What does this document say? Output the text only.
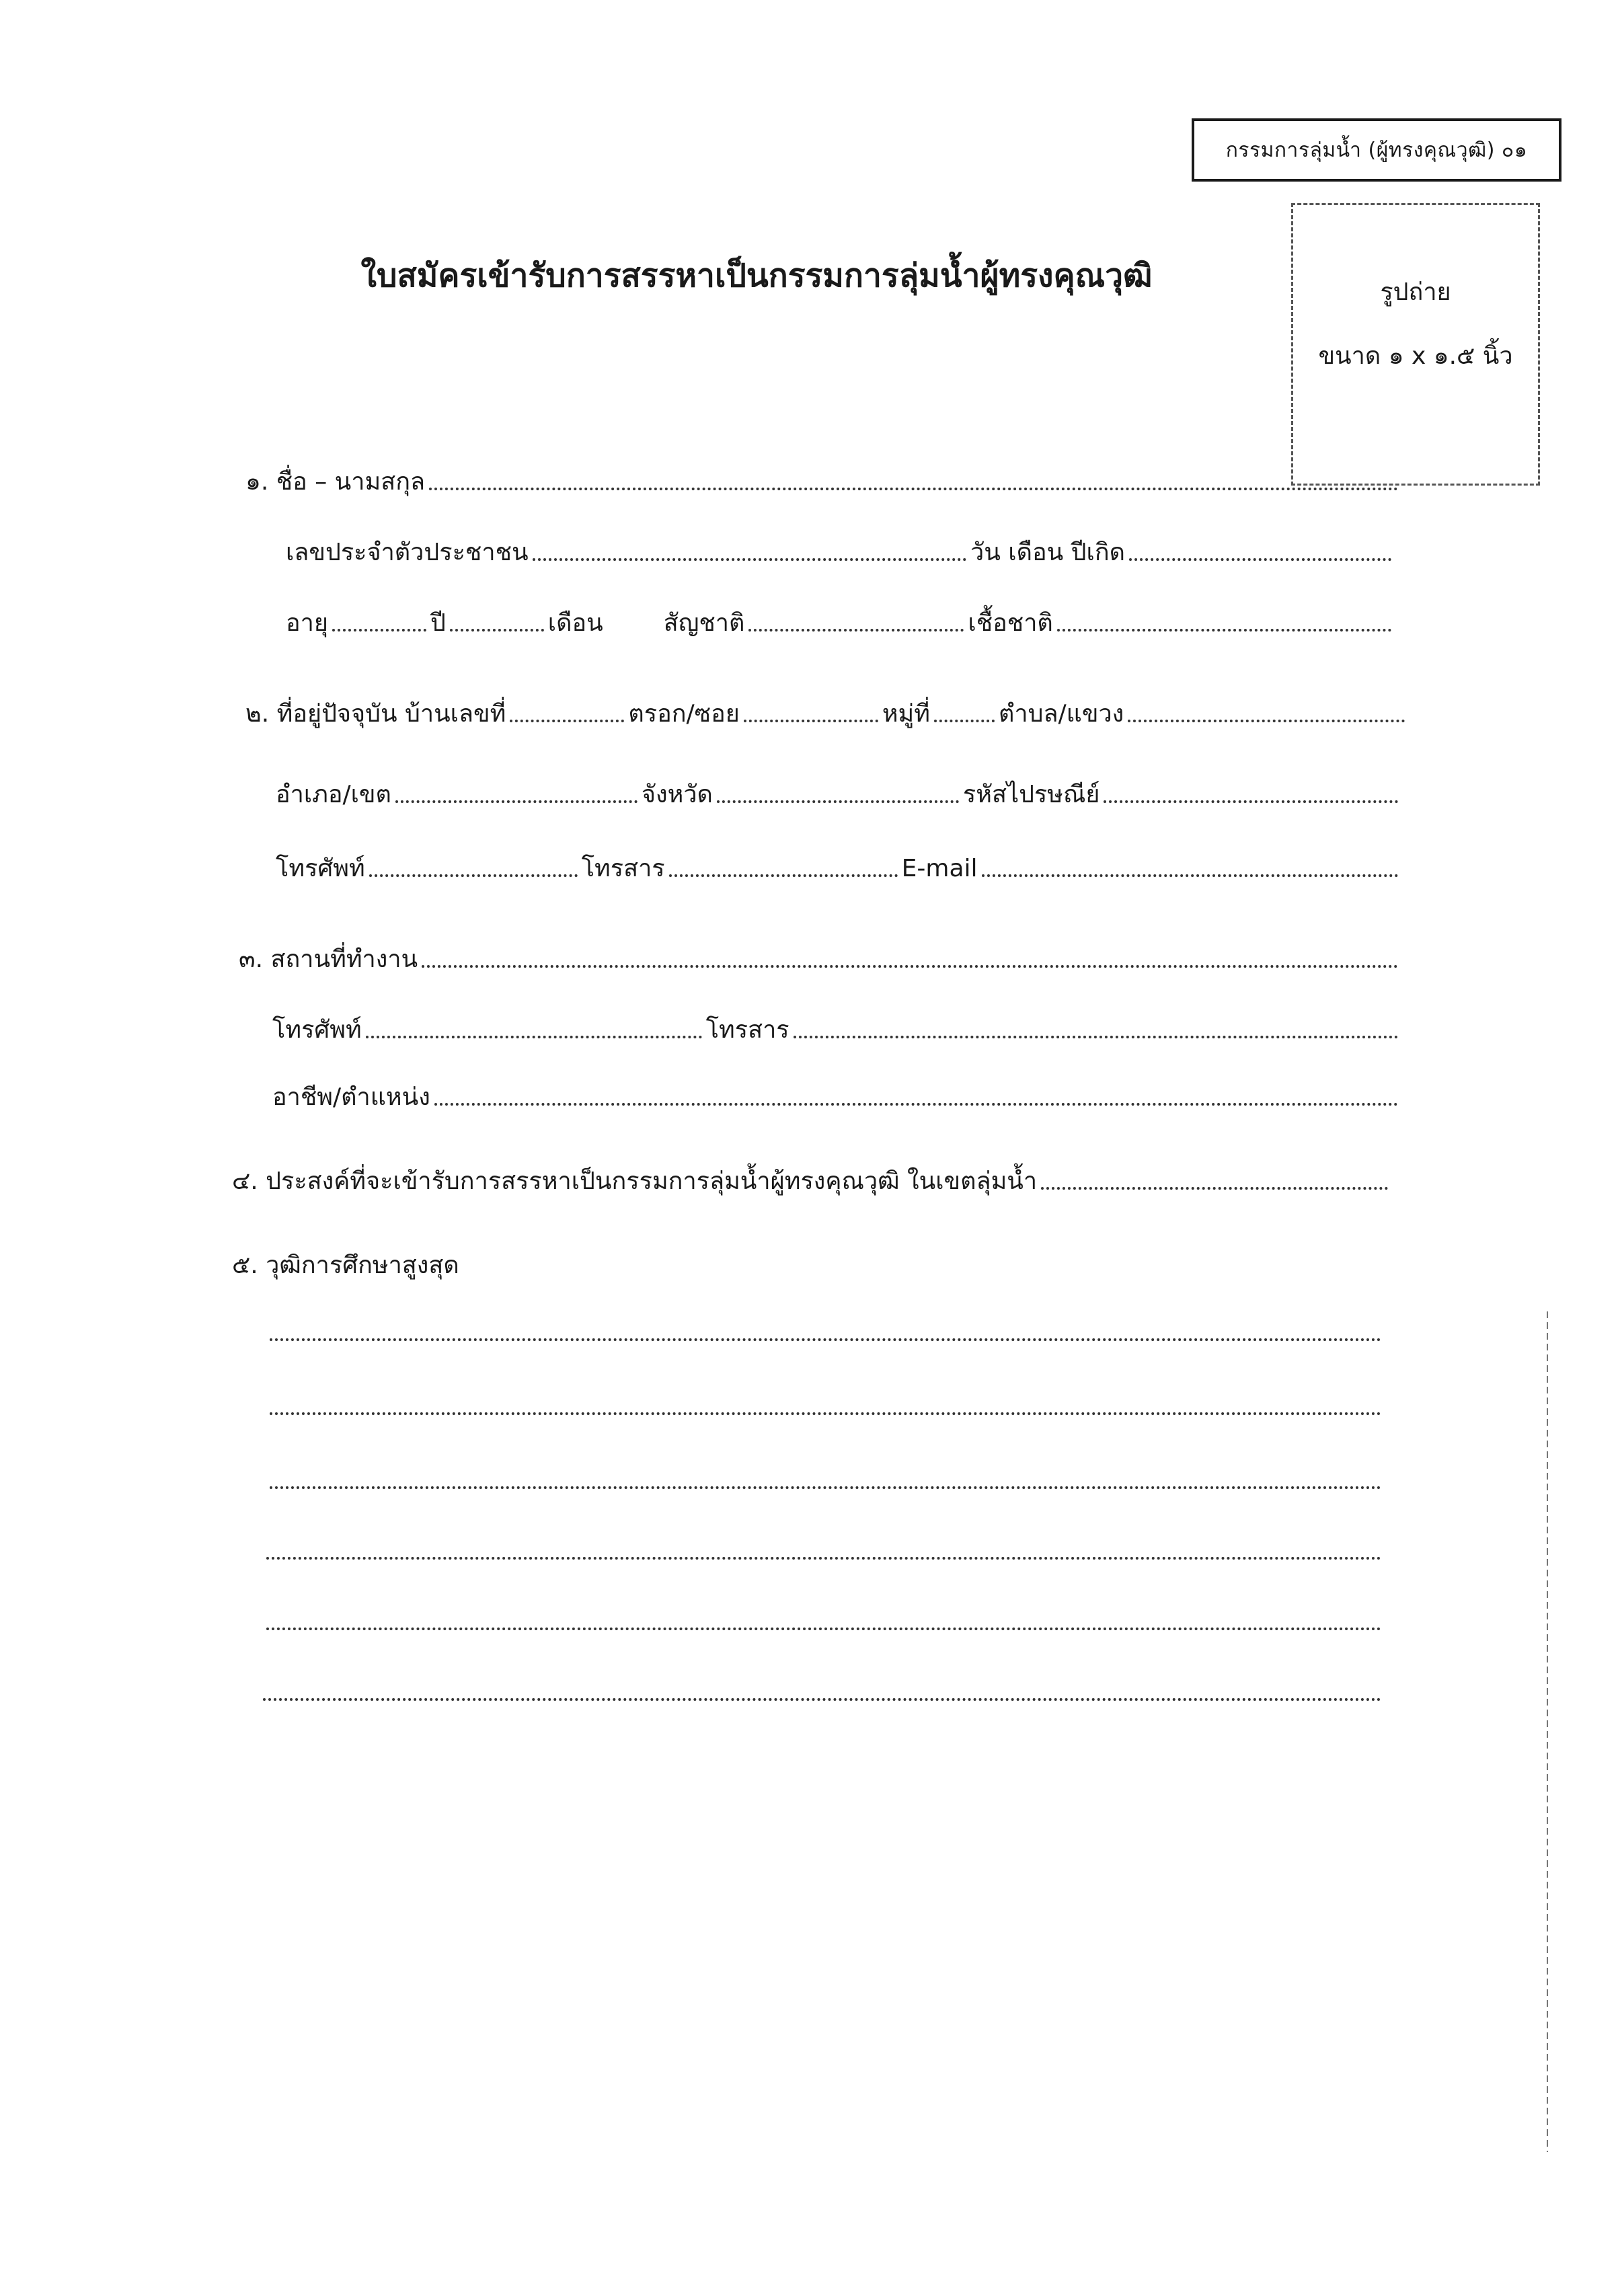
กรรมการลุ่มน้ำ (ผู้ทรงคุณวุฒิ) ๐๑
รูปถ่าย
ขนาด ๑ x ๑.๕ นิ้ว
ใบสมัครเข้ารับการสรรหาเป็นกรรมการลุ่มน้ำผู้ทรงคุณวุฒิ
๑. ชื่อ – นามสกุล
เลขประจำตัวประชาชน	วัน เดือน ปีเกิด
อายุ	ปี	เดือน	สัญชาติ	เชื้อชาติ
๒. ที่อยู่ปัจจุบัน บ้านเลขที่	ตรอก/ซอย	หมู่ที่	ตำบล/แขวง
อำเภอ/เขต	จังหวัด	รหัสไปรษณีย์
โทรศัพท์	โทรสาร	E-mail
๓. สถานที่ทำงาน
โทรศัพท์	โทรสาร
อาชีพ/ตำแหน่ง
๔. ประสงค์ที่จะเข้ารับการสรรหาเป็นกรรมการลุ่มน้ำผู้ทรงคุณวุฒิ ในเขตลุ่มน้ำ
๕. วุฒิการศึกษาสูงสุด
